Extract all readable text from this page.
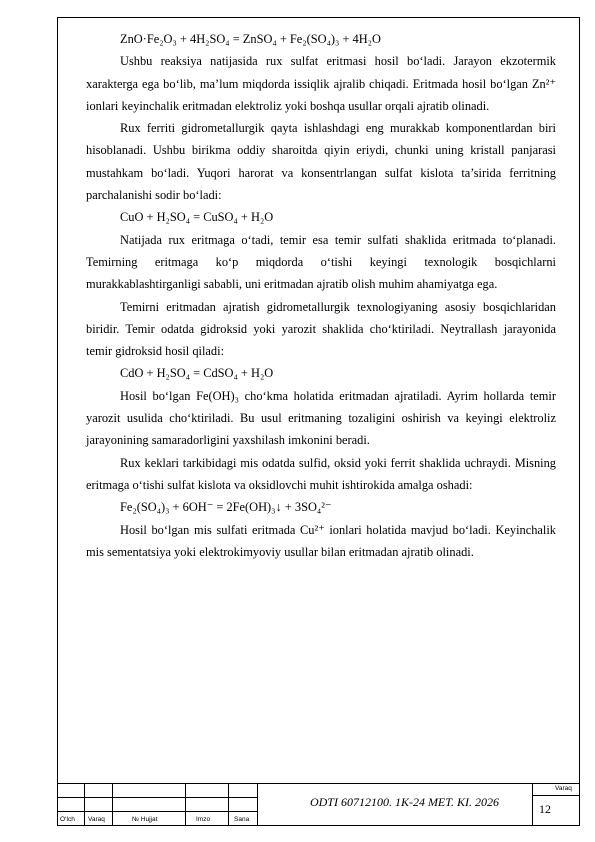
ZnO·Fe₂O₃ + 4H₂SO₄ = ZnSO₄ + Fe₂(SO₄)₃ + 4H₂O

Ushbu reaksiya natijasida rux sulfat eritmasi hosil bo‘ladi. Jarayon ekzotermik xarakterga ega bo‘lib, ma’lum miqdorda issiqlik ajralib chiqadi. Eritmada hosil bo‘lgan Zn²⁺ ionlari keyinchalik eritmadan elektroliz yoki boshqa usullar orqali ajratib olinadi.

Rux ferriti gidrometallurgik qayta ishlashdagi eng murakkab komponentlardan biri hisoblanadi. Ushbu birikma oddiy sharoitda qiyin eriydi, chunki uning kristall panjarasi mustahkam bo‘ladi. Yuqori harorat va konsentrlangan sulfat kislota ta’sirida ferritning parchalanishi sodir bo‘ladi:

CuO + H₂SO₄ = CuSO₄ + H₂O

Natijada rux eritmaga o‘tadi, temir esa temir sulfati shaklida eritmada to‘planadi. Temirning eritmaga ko‘p miqdorda o‘tishi keyingi texnologik bosqichlarni murakkablashtirganligi sababli, uni eritmadan ajratib olish muhim ahamiyatga ega.

Temirni eritmadan ajratish gidrometallurgik texnologiyaning asosiy bosqichlaridan biridir. Temir odatda gidroksid yoki yarozit shaklida cho‘ktiriladi. Neytrallash jarayonida temir gidroksid hosil qiladi:

CdO + H₂SO₄ = CdSO₄ + H₂O

Hosil bo‘lgan Fe(OH)₃ cho‘kma holatida eritmadan ajratiladi. Ayrim hollarda temir yarozit usulida cho‘ktiriladi. Bu usul eritmaning tozaligini oshirish va keyingi elektroliz jarayonining samaradorligini yaxshilash imkonini beradi.

Rux keklari tarkibidagi mis odatda sulfid, oksid yoki ferrit shaklida uchraydi. Misning eritmaga o‘tishi sulfat kislota va oksidlovchi muhit ishtirokida amalga oshadi:

Fe₂(SO₄)₃ + 6OH⁻ = 2Fe(OH)₃↓ + 3SO₄²⁻

Hosil bo‘lgan mis sulfati eritmada Cu²⁺ ionlari holatida mavjud bo‘ladi. Keyinchalik mis sementatsiya yoki elektrokimyoviy usullar bilan eritmadan ajratib olinadi.

O‘lch Varaq	№ Hujjat	Imzo	Sana
ODTI 60712100. 1K-24 MET. KI. 2026
Varaq
12
